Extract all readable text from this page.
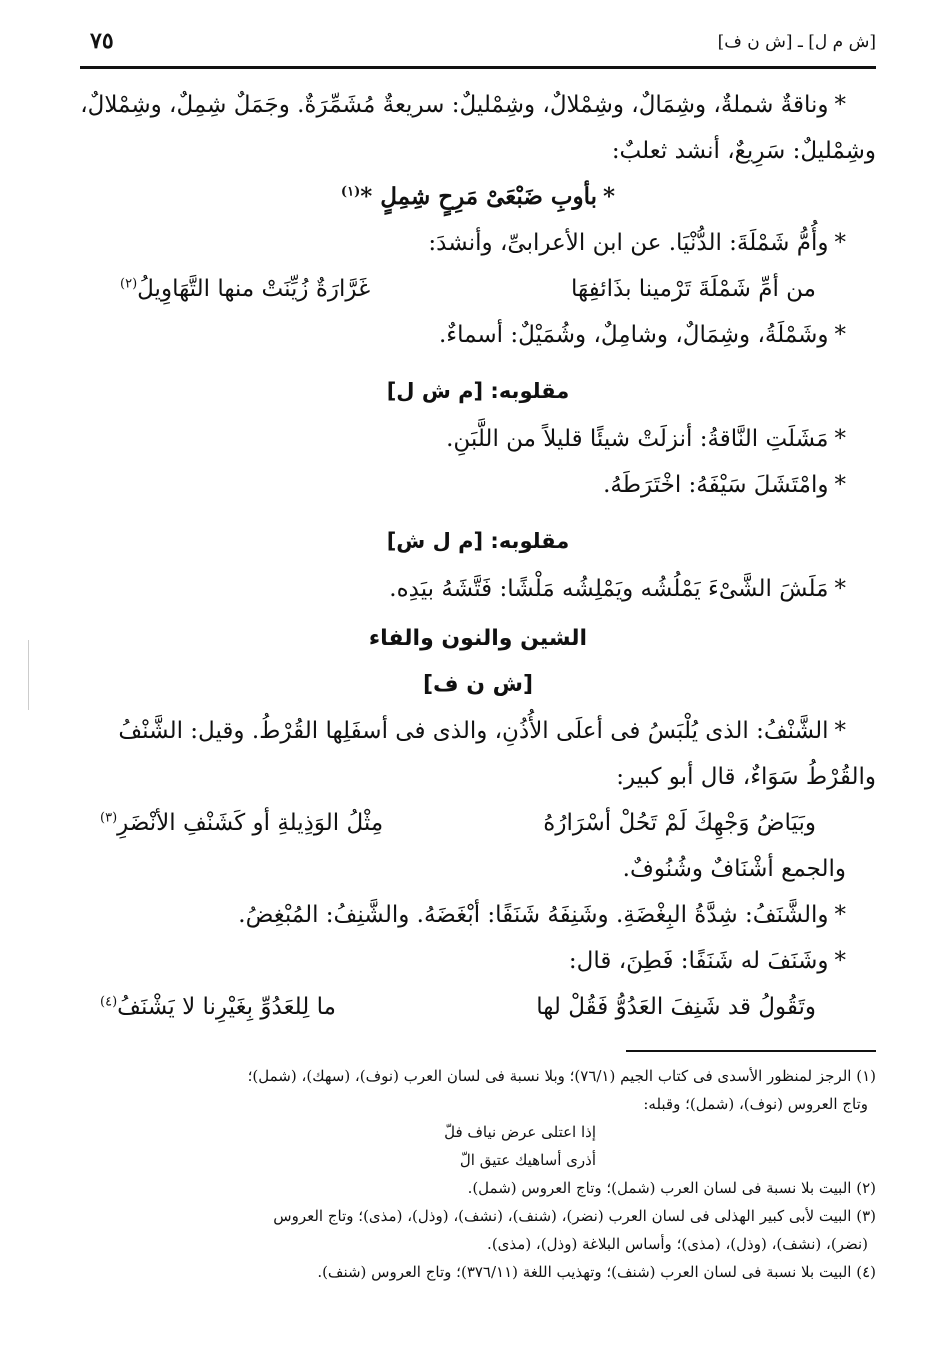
[ش م ل] ـ [ش ن ف]
٧٥

*وناقةٌ شملةٌ، وشِمَالٌ، وشِمْلالٌ، وشِمْليلٌ: سريعةٌ مُشَمِّرَةٌ. وجَمَلٌ شِمِلٌ، وشِمْلالٌ،

وشِمْليلٌ: سَرِيعٌ، أنشد ثعلبٌ:

*بأوبِ ضَبْعَىْ مَرِحٍ شِمِلٍ *$^{(١)}$

*وأُمُّ شَمْلَةَ: الدُّنْيَا. عن ابن الأعرابىِّ، وأنشدَ:

من أمِّ شَمْلَةَ تَرْمينا بذَائفِهَا
غَرَّارَةٌ زُيِّنَتْ منها التَّهَاوِيلُ$^{(٢)}$

*وشَمْلَةُ، وشِمَالٌ، وشامِلٌ، وشُمَيْلٌ: أسماءٌ.

مقلوبه: [م ش ل]

*مَشَلَتِ النَّاقةُ: أنزلَتْ شيئًا قليلاً من اللَّبَنِ.

*وامْتَشَلَ سَيْفَهُ: اخْتَرَطَهُ.

مقلوبه: [م ل ش]

*مَلَشَ الشَّىْءَ يَمْلُشُه ويَمْلِشُه مَلْشًا: فَتَّشَهُ بيَدِه.

الشين والنون والفاء
[ش ن ف]

*الشَّنْفُ: الذى يُلْبَسُ فى أعلَى الأُذُنِ، والذى فى أسفَلِها القُرْطُ. وقيل: الشَّنْفُ

والقُرْطُ سَوَاءٌ، قال أبو كبير:

وبَيَاضُ وَجْهِكَ لَمْ تَحُلْ أسْرَارُهُ
مِثْلُ الوَذِيلةِ أو كَشَنْفِ الأنْضَرِ$^{(٣)}$

والجمع أشْنَافٌ وشُنُوفٌ.

*والشَّنَفُ: شِدَّةُ البِغْضَةِ. وشَنِفَهُ شَنَفًا: أبْغَضَهُ. والشَّنِفُ: المُبْغِضُ.

*وشَنَفَ له شَنَفًا: فَطِنَ، قال:

وتَقُولُ قد شَنِفَ العَدُوُّ فَقُلْ لها
ما لِلعَدُوِّ بِغَيْرِنا لا يَشْنَفُ$^{(٤)}$

(١) الرجز لمنظور الأسدى فى كتاب الجيم (٧٦/١)؛ وبلا نسبة فى لسان العرب (نوف)، (سهك)، (شمل)؛

وتاج العروس (نوف)، (شمل)؛ وقبله:

إذا اعتلى عرض نياف فلّ

أذرى أساهيك عتيق الّ

(٢) البيت بلا نسبة فى لسان العرب (شمل)؛ وتاج العروس (شمل).

(٣) البيت لأبى كبير الهذلى فى لسان العرب (نضر)، (شنف)، (نشف)، (وذل)، (مذى)؛ وتاج العروس

(نضر)، (نشف)، (وذل)، (مذى)؛ وأساس البلاغة (وذل)، (مذى).

(٤) البيت بلا نسبة فى لسان العرب (شنف)؛ وتهذيب اللغة (٣٧٦/١١)؛ وتاج العروس (شنف).
